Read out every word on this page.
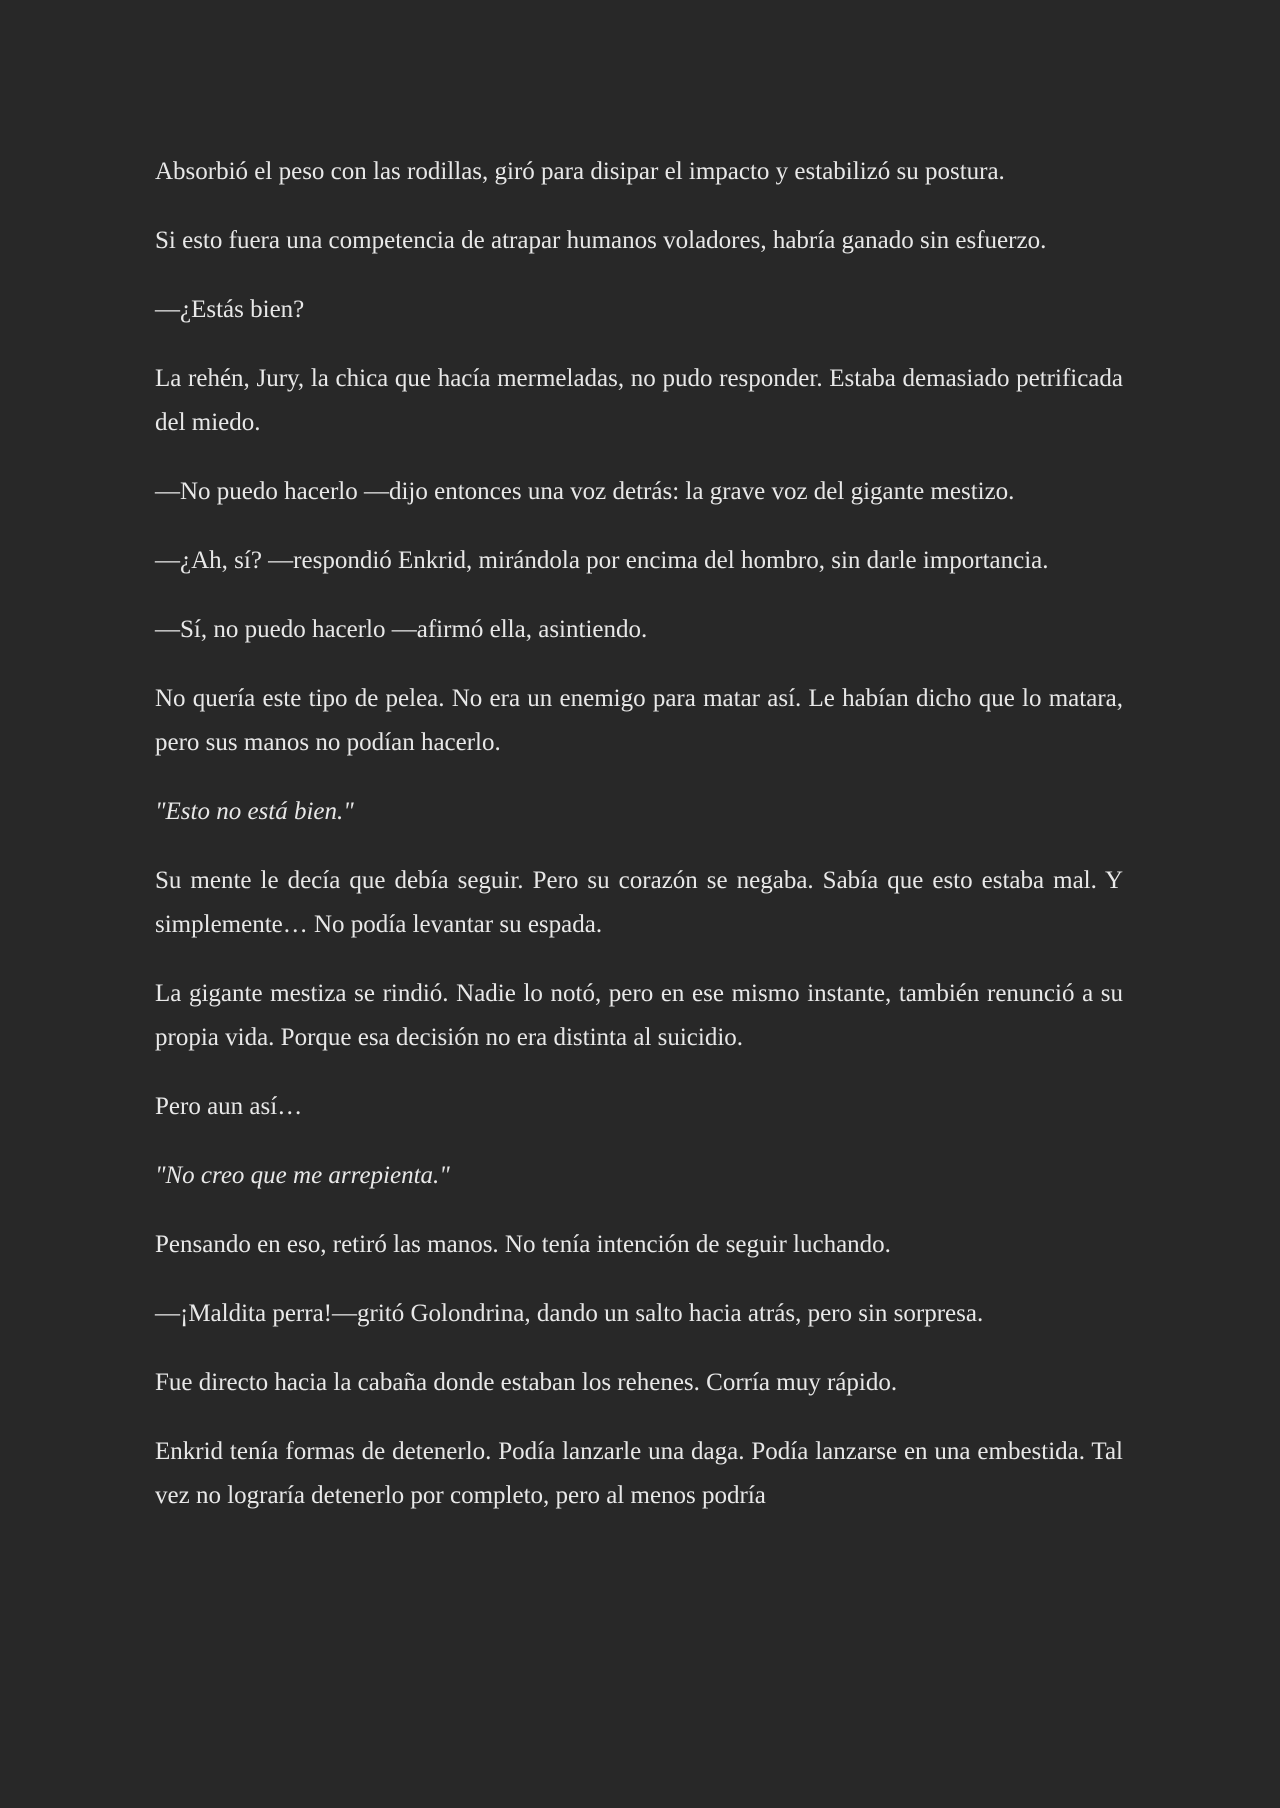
Absorbió el peso con las rodillas, giró para disipar el impacto y estabilizó su postura.

Si esto fuera una competencia de atrapar humanos voladores, habría ganado sin esfuerzo.

—¿Estás bien?

La rehén, Jury, la chica que hacía mermeladas, no pudo responder. Estaba demasiado petrificada del miedo.

—No puedo hacerlo —dijo entonces una voz detrás: la grave voz del gigante mestizo.

—¿Ah, sí? —respondió Enkrid, mirándola por encima del hombro, sin darle importancia.

—Sí, no puedo hacerlo —afirmó ella, asintiendo.

No quería este tipo de pelea. No era un enemigo para matar así. Le habían dicho que lo matara, pero sus manos no podían hacerlo.

"Esto no está bien."

Su mente le decía que debía seguir. Pero su corazón se negaba. Sabía que esto estaba mal. Y simplemente… No podía levantar su espada.

La gigante mestiza se rindió. Nadie lo notó, pero en ese mismo instante, también renunció a su propia vida. Porque esa decisión no era distinta al suicidio.

Pero aun así…

"No creo que me arrepienta."

Pensando en eso, retiró las manos. No tenía intención de seguir luchando.

—¡Maldita perra!—gritó Golondrina, dando un salto hacia atrás, pero sin sorpresa.

Fue directo hacia la cabaña donde estaban los rehenes. Corría muy rápido.

Enkrid tenía formas de detenerlo. Podía lanzarle una daga. Podía lanzarse en una embestida. Tal vez no lograría detenerlo por completo, pero al menos podría
